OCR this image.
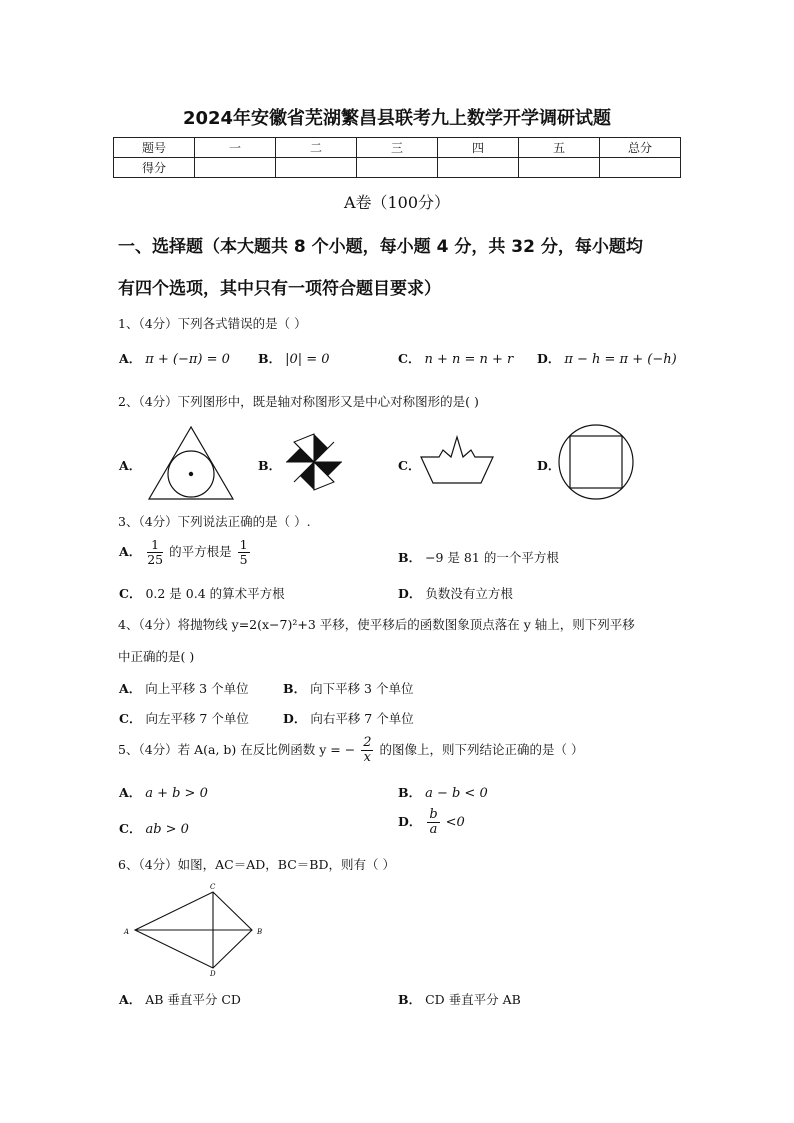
2024年安徽省芜湖繁昌县联考九上数学开学调研试题
题号	一	二	三	四	五	总分
得分						
A卷（100分）
一、选择题（本大题共 8 个小题，每小题 4 分，共 32 分，每小题均
有四个选项，其中只有一项符合题目要求）
1、（4分）下列各式错误的是（ ）
A． π + (−π) = 0 B． |0| = 0	C． n + n = n + r D． π − h = π + (−h)
2、（4分）下列图形中，既是轴对称图形又是中心对称图形的是( )
A．	B．	C．	D．
3、（4分）下列说法正确的是（ ）.
A． $\frac{1}{25}$ 的平方根是 $\frac{1}{5}$	B． −9 是 81 的一个平方根
C． 0.2 是 0.4 的算术平方根	D． 负数没有立方根
4、（4分）将抛物线 y=2(x−7)²+3 平移，使平移后的函数图象顶点落在 y 轴上，则下列平移
中正确的是( )
A． 向上平移 3 个单位	B． 向下平移 3 个单位
C． 向左平移 7 个单位	D． 向右平移 7 个单位
5、（4分）若 A(a, b) 在反比例函数 y = − $\frac{2}{x}$ 的图像上，则下列结论正确的是（ ）
A． a + b > 0	B． a − b < 0
C． ab > 0
D． $\frac{b}{a} <0$
6、（4分）如图，AC＝AD，BC＝BD，则有（ ）
A	B
C
D
A． AB 垂直平分 CD	B． CD 垂直平分 AB
